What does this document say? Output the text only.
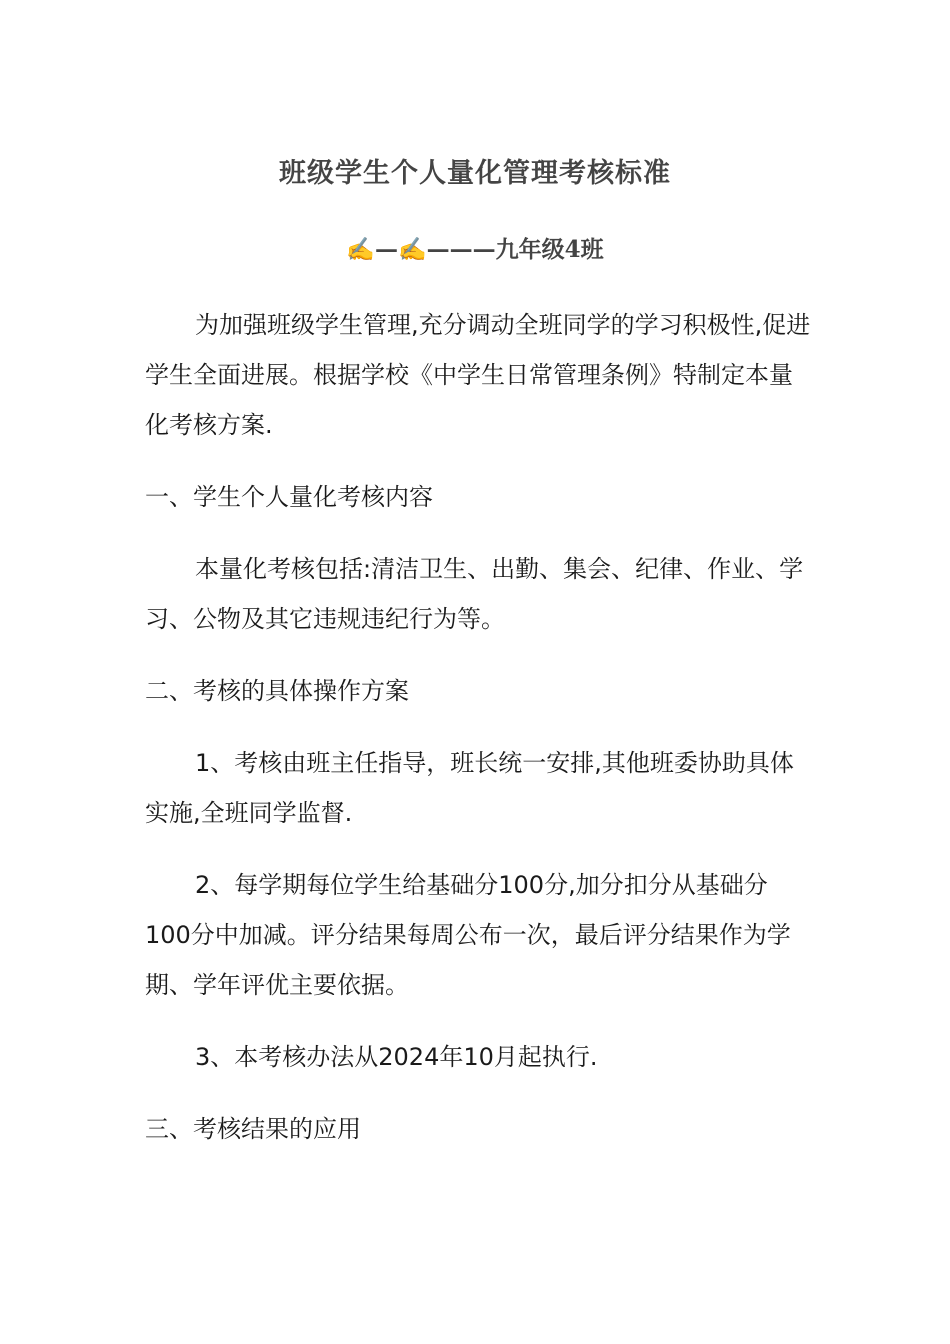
班级学生个人量化管理考核标准

✍—✍———九年级4班

为加强班级学生管理,充分调动全班同学的学习积极性,促进学生全面进展。根据学校《中学生日常管理条例》特制定本量化考核方案.

一、学生个人量化考核内容

本量化考核包括:清洁卫生、出勤、集会、纪律、作业、学习、公物及其它违规违纪行为等。

二、考核的具体操作方案

1、考核由班主任指导，班长统一安排,其他班委协助具体实施,全班同学监督.

2、每学期每位学生给基础分100分,加分扣分从基础分100分中加减。评分结果每周公布一次，最后评分结果作为学期、学年评优主要依据。

3、本考核办法从2024年10月起执行.

三、考核结果的应用
